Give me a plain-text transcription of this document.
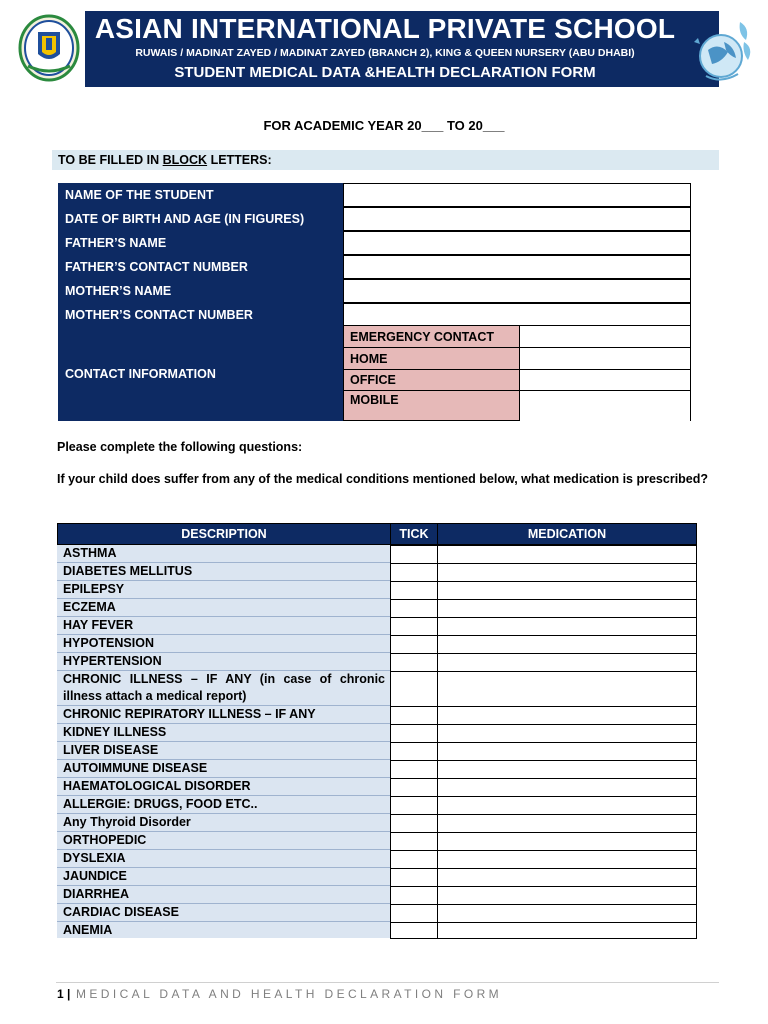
ASIAN INTERNATIONAL PRIVATE SCHOOL
RUWAIS / MADINAT ZAYED / MADINAT ZAYED (BRANCH 2), KING & QUEEN NURSERY (ABU DHABI)
STUDENT MEDICAL DATA &HEALTH DECLARATION FORM
FOR ACADEMIC YEAR 20___ TO 20___
TO BE FILLED IN BLOCK LETTERS:
NAME OF THE STUDENT
DATE OF BIRTH AND AGE (IN FIGURES)
FATHER’S NAME
FATHER’S CONTACT NUMBER
MOTHER’S NAME
MOTHER’S CONTACT NUMBER
CONTACT INFORMATION
EMERGENCY CONTACT
HOME
OFFICE
MOBILE
Please complete the following questions:
If your child does suffer from any of the medical conditions mentioned below, what medication is prescribed?
DESCRIPTION	TICK	MEDICATION
ASTHMA
DIABETES MELLITUS
EPILEPSY
ECZEMA
HAY FEVER
HYPOTENSION
HYPERTENSION
CHRONIC ILLNESS – IF ANY (in case of chronic illness attach a medical report)
CHRONIC REPIRATORY ILLNESS – IF ANY
KIDNEY ILLNESS
LIVER DISEASE
AUTOIMMUNE DISEASE
HAEMATOLOGICAL DISORDER
ALLERGIE: DRUGS, FOOD ETC..
Any Thyroid Disorder
ORTHOPEDIC
DYSLEXIA
JAUNDICE
DIARRHEA
CARDIAC DISEASE
ANEMIA
1 | MEDICAL DATA AND HEALTH DECLARATION FORM
